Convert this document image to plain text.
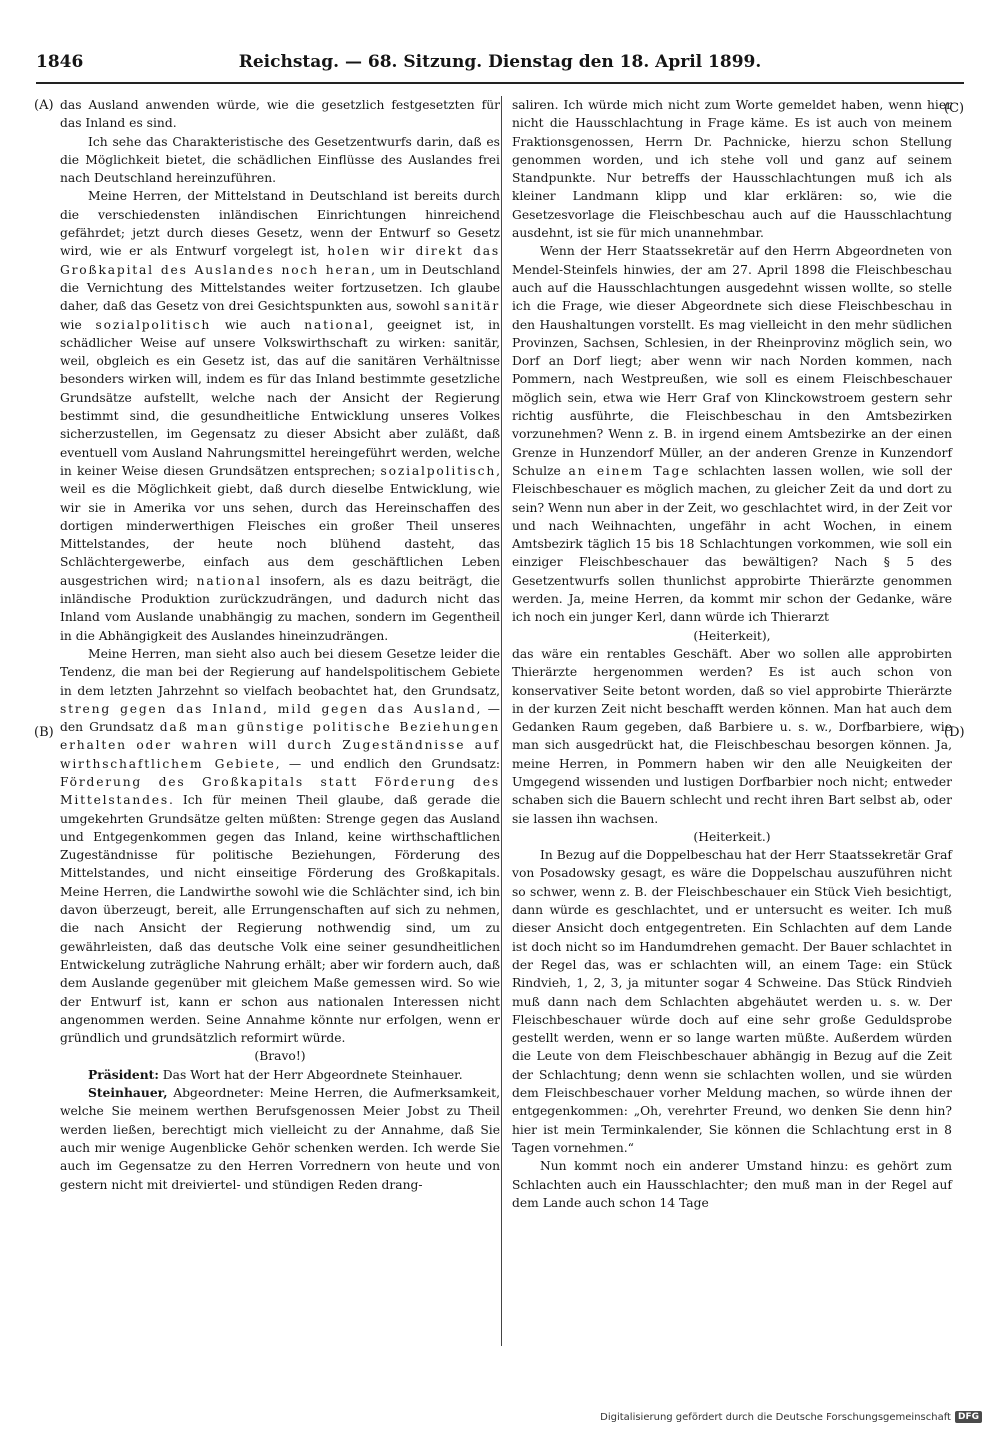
1846	Reichstag. — 68. Sitzung. Dienstag den 18. April 1899.
(A)
(B)
(C)
(D)

das Ausland anwenden würde, wie die gesetzlich festgesetzten für das Inland es sind.

Ich sehe das Charakteristische des Gesetzentwurfs darin, daß es die Möglichkeit bietet, die schädlichen Einflüsse des Auslandes frei nach Deutschland hereinzuführen.

Meine Herren, der Mittelstand in Deutschland ist bereits durch die verschiedensten inländischen Einrichtungen hinreichend gefährdet; jetzt durch dieses Gesetz, wenn der Entwurf so Gesetz wird, wie er als Entwurf vorgelegt ist, holen wir direkt das Großkapital des Auslandes noch heran, um in Deutschland die Vernichtung des Mittelstandes weiter fortzusetzen. Ich glaube daher, daß das Gesetz von drei Gesichtspunkten aus, sowohl sanitär wie sozialpolitisch wie auch national, geeignet ist, in schädlicher Weise auf unsere Volkswirthschaft zu wirken: sanitär, weil, obgleich es ein Gesetz ist, das auf die sanitären Verhältnisse besonders wirken will, indem es für das Inland bestimmte gesetzliche Grundsätze aufstellt, welche nach der Ansicht der Regierung bestimmt sind, die gesundheitliche Entwicklung unseres Volkes sicherzustellen, im Gegensatz zu dieser Absicht aber zuläßt, daß eventuell vom Ausland Nahrungsmittel hereingeführt werden, welche in keiner Weise diesen Grundsätzen entsprechen; sozialpolitisch, weil es die Möglichkeit giebt, daß durch dieselbe Entwicklung, wie wir sie in Amerika vor uns sehen, durch das Hereinschaffen des dortigen minderwerthigen Fleisches ein großer Theil unseres Mittelstandes, der heute noch blühend dasteht, das Schlächtergewerbe, einfach aus dem geschäftlichen Leben ausgestrichen wird; national insofern, als es dazu beiträgt, die inländische Produktion zurückzudrängen, und dadurch nicht das Inland vom Auslande unabhängig zu machen, sondern im Gegentheil in die Abhängigkeit des Auslandes hineinzudrängen.

Meine Herren, man sieht also auch bei diesem Gesetze leider die Tendenz, die man bei der Regierung auf handelspolitischem Gebiete in dem letzten Jahrzehnt so vielfach beobachtet hat, den Grundsatz, streng gegen das Inland, mild gegen das Ausland, — den Grundsatz daß man günstige politische Beziehungen erhalten oder wahren will durch Zugeständnisse auf wirthschaftlichem Gebiete, — und endlich den Grundsatz: Förderung des Großkapitals statt Förderung des Mittelstandes. Ich für meinen Theil glaube, daß gerade die umgekehrten Grundsätze gelten müßten: Strenge gegen das Ausland und Entgegenkommen gegen das Inland, keine wirthschaftlichen Zugeständnisse für politische Beziehungen, Förderung des Mittelstandes, und nicht einseitige Förderung des Großkapitals. Meine Herren, die Landwirthe sowohl wie die Schlächter sind, ich bin davon überzeugt, bereit, alle Errungenschaften auf sich zu nehmen, die nach Ansicht der Regierung nothwendig sind, um zu gewährleisten, daß das deutsche Volk eine seiner gesundheitlichen Entwickelung zuträgliche Nahrung erhält; aber wir fordern auch, daß dem Auslande gegenüber mit gleichem Maße gemessen wird. So wie der Entwurf ist, kann er schon aus nationalen Interessen nicht angenommen werden. Seine Annahme könnte nur erfolgen, wenn er gründlich und grundsätzlich reformirt würde.

(Bravo!)

Präsident: Das Wort hat der Herr Abgeordnete Steinhauer.

Steinhauer, Abgeordneter: Meine Herren, die Aufmerksamkeit, welche Sie meinem werthen Berufsgenossen Meier Jobst zu Theil werden ließen, berechtigt mich vielleicht zu der Annahme, daß Sie auch mir wenige Augenblicke Gehör schenken werden. Ich werde Sie auch im Gegensatze zu den Herren Vorrednern von heute und von gestern nicht mit dreiviertel- und stündigen Reden drang-

saliren. Ich würde mich nicht zum Worte gemeldet haben, wenn hier nicht die Hausschlachtung in Frage käme. Es ist auch von meinem Fraktionsgenossen, Herrn Dr. Pachnicke, hierzu schon Stellung genommen worden, und ich stehe voll und ganz auf seinem Standpunkte. Nur betreffs der Hausschlachtungen muß ich als kleiner Landmann klipp und klar erklären: so, wie die Gesetzesvorlage die Fleischbeschau auch auf die Hausschlachtung ausdehnt, ist sie für mich unannehmbar.

Wenn der Herr Staatssekretär auf den Herrn Abgeordneten von Mendel-Steinfels hinwies, der am 27. April 1898 die Fleischbeschau auch auf die Hausschlachtungen ausgedehnt wissen wollte, so stelle ich die Frage, wie dieser Abgeordnete sich diese Fleischbeschau in den Haushaltungen vorstellt. Es mag vielleicht in den mehr südlichen Provinzen, Sachsen, Schlesien, in der Rheinprovinz möglich sein, wo Dorf an Dorf liegt; aber wenn wir nach Norden kommen, nach Pommern, nach Westpreußen, wie soll es einem Fleischbeschauer möglich sein, etwa wie Herr Graf von Klinckowstroem gestern sehr richtig ausführte, die Fleischbeschau in den Amtsbezirken vorzunehmen? Wenn z. B. in irgend einem Amtsbezirke an der einen Grenze in Hunzendorf Müller, an der anderen Grenze in Kunzendorf Schulze an einem Tage schlachten lassen wollen, wie soll der Fleischbeschauer es möglich machen, zu gleicher Zeit da und dort zu sein? Wenn nun aber in der Zeit, wo geschlachtet wird, in der Zeit vor und nach Weihnachten, ungefähr in acht Wochen, in einem Amtsbezirk täglich 15 bis 18 Schlachtungen vorkommen, wie soll ein einziger Fleischbeschauer das bewältigen? Nach § 5 des Gesetzentwurfs sollen thunlichst approbirte Thierärzte genommen werden. Ja, meine Herren, da kommt mir schon der Gedanke, wäre ich noch ein junger Kerl, dann würde ich Thierarzt

(Heiterkeit),

das wäre ein rentables Geschäft. Aber wo sollen alle approbirten Thierärzte hergenommen werden? Es ist auch schon von konservativer Seite betont worden, daß so viel approbirte Thierärzte in der kurzen Zeit nicht beschafft werden können. Man hat auch dem Gedanken Raum gegeben, daß Barbiere u. s. w., Dorfbarbiere, wie man sich ausgedrückt hat, die Fleischbeschau besorgen können. Ja, meine Herren, in Pommern haben wir den alle Neuigkeiten der Umgegend wissenden und lustigen Dorfbarbier noch nicht; entweder schaben sich die Bauern schlecht und recht ihren Bart selbst ab, oder sie lassen ihn wachsen.

(Heiterkeit.)

In Bezug auf die Doppelbeschau hat der Herr Staatssekretär Graf von Posadowsky gesagt, es wäre die Doppelschau auszuführen nicht so schwer, wenn z. B. der Fleischbeschauer ein Stück Vieh besichtigt, dann würde es geschlachtet, und er untersucht es weiter. Ich muß dieser Ansicht doch entgegentreten. Ein Schlachten auf dem Lande ist doch nicht so im Handumdrehen gemacht. Der Bauer schlachtet in der Regel das, was er schlachten will, an einem Tage: ein Stück Rindvieh, 1, 2, 3, ja mitunter sogar 4 Schweine. Das Stück Rindvieh muß dann nach dem Schlachten abgehäutet werden u. s. w. Der Fleischbeschauer würde doch auf eine sehr große Geduldsprobe gestellt werden, wenn er so lange warten müßte. Außerdem würden die Leute von dem Fleischbeschauer abhängig in Bezug auf die Zeit der Schlachtung; denn wenn sie schlachten wollen, und sie würden dem Fleischbeschauer vorher Meldung machen, so würde ihnen der entgegenkommen: „Oh, verehrter Freund, wo denken Sie denn hin? hier ist mein Terminkalender, Sie können die Schlachtung erst in 8 Tagen vornehmen.“

Nun kommt noch ein anderer Umstand hinzu: es gehört zum Schlachten auch ein Hausschlachter; den muß man in der Regel auf dem Lande auch schon 14 Tage

Digitalisierung gefördert durch die Deutsche Forschungsgemeinschaft DFG
